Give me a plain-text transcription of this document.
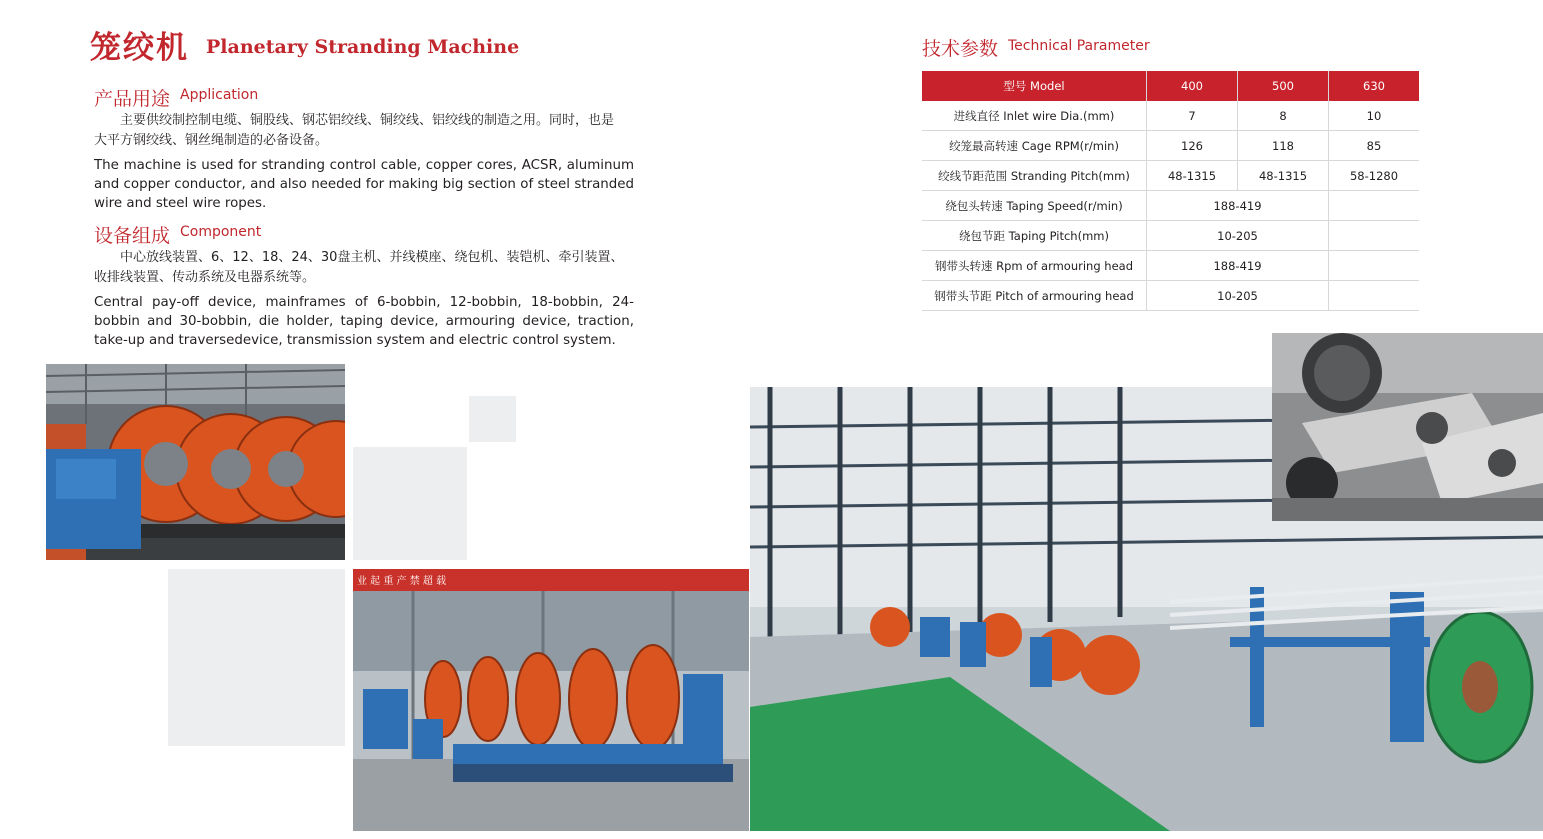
笼绞机 Planetary Stranding Machine
产品用途 Application
主要供绞制控制电缆、铜股线、钢芯铝绞线、铜绞线、铝绞线的制造之用。同时，也是
大平方钢绞线、钢丝绳制造的必备设备。
The machine is used for stranding control cable, copper cores, ACSR, aluminum and copper conductor, and also needed for making big section of steel stranded wire and steel wire ropes.
设备组成 Component
中心放线装置、6、12、18、24、30盘主机、并线模座、绕包机、装铠机、牵引装置、
收排线装置、传动系统及电器系统等。
Central pay-off device, mainframes of 6-bobbin, 12-bobbin, 18-bobbin, 24-bobbin and 30-bobbin, die holder, taping device, armouring device, traction, take-up and traversedevice, transmission system and electric control system.
技术参数 Technical Parameter
型号 Model	400	500	630
进线直径 Inlet wire Dia.(mm)	7	8	10
绞笼最高转速 Cage RPM(r/min)	126	118	85
绞线节距范围 Stranding Pitch(mm)	48-1315	48-1315	58-1280
绕包头转速 Taping Speed(r/min)	188-419		
绕包节距 Taping Pitch(mm)	10-205		
钢带头转速 Rpm of armouring head	188-419		
钢带头节距 Pitch of armouring head	10-205		
业 起 重 产 禁 超 载
